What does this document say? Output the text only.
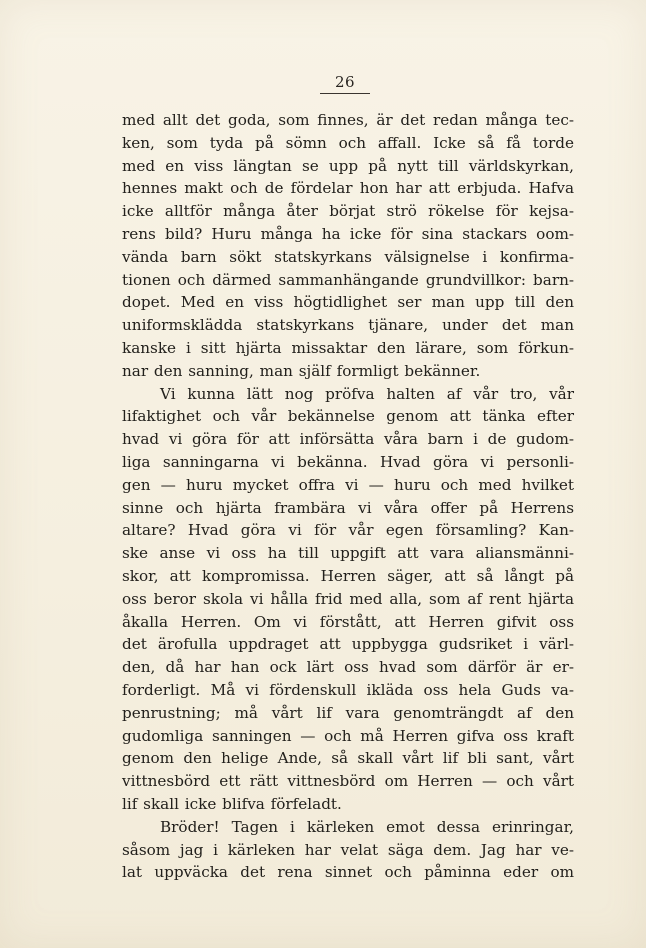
26
med allt det goda, som finnes, är det redan många tec-
ken, som tyda på sömn och affall. Icke så få torde
med en viss längtan se upp på nytt till världskyrkan,
hennes makt och de fördelar hon har att erbjuda. Hafva
icke alltför många åter börjat strö rökelse för kejsa-
rens bild? Huru många ha icke för sina stackars oom-
vända barn sökt statskyrkans välsignelse i konfirma-
tionen och därmed sammanhängande grundvillkor: barn-
dopet. Med en viss högtidlighet ser man upp till den
uniformsklädda statskyrkans tjänare, under det man
kanske i sitt hjärta missaktar den lärare, som förkun-
nar den sanning, man själf formligt bekänner.
Vi kunna lätt nog pröfva halten af vår tro, vår
lifaktighet och vår bekännelse genom att tänka efter
hvad vi göra för att införsätta våra barn i de gudom-
liga sanningarna vi bekänna. Hvad göra vi personli-
gen — huru mycket offra vi — huru och med hvilket
sinne och hjärta frambära vi våra offer på Herrens
altare? Hvad göra vi för vår egen församling? Kan-
ske anse vi oss ha till uppgift att vara aliansmänni-
skor, att kompromissa. Herren säger, att så långt på
oss beror skola vi hålla frid med alla, som af rent hjärta
åkalla Herren. Om vi förstått, att Herren gifvit oss
det ärofulla uppdraget att uppbygga gudsriket i värl-
den, då har han ock lärt oss hvad som därför är er-
forderligt. Må vi fördenskull ikläda oss hela Guds va-
penrustning; må vårt lif vara genomträngdt af den
gudomliga sanningen — och må Herren gifva oss kraft
genom den helige Ande, så skall vårt lif bli sant, vårt
vittnesbörd ett rätt vittnesbörd om Herren — och vårt
lif skall icke blifva förfeladt.
Bröder! Tagen i kärleken emot dessa erinringar,
såsom jag i kärleken har velat säga dem. Jag har ve-
lat uppväcka det rena sinnet och påminna eder om
